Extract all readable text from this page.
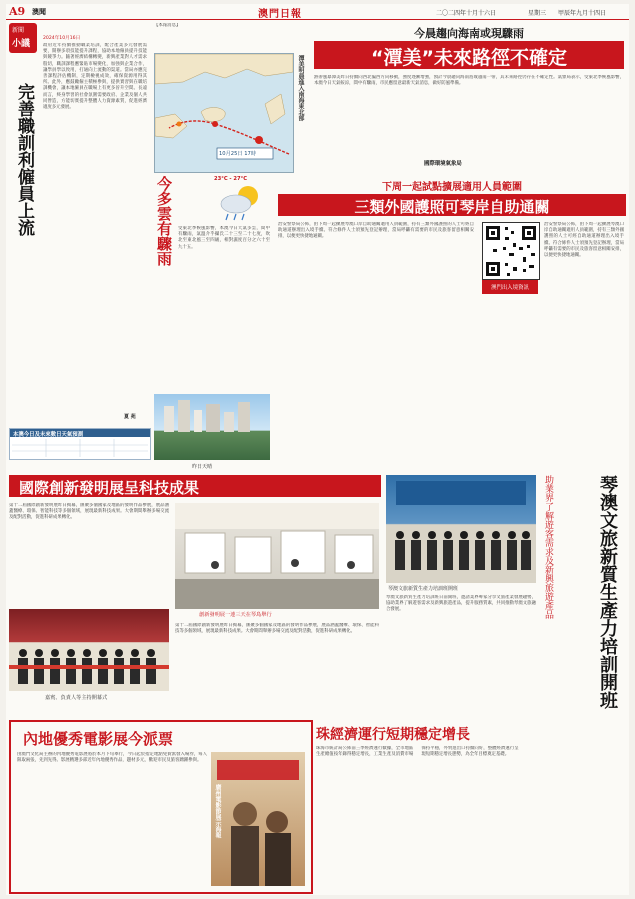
A9 澳聞	澳門日報	二〇二四年十月十六日	星期三 甲辰年九月十四日
新聞
小議
2024年10月16日
完善職訓利僱員上流
政府近年持續推動職業培訓，配合產業多元發展需要，開辦多項技能提升課程，協助本地僱員提升技能與競爭力。隨著經濟結構轉變，新興產業對人才需求殷切，職訓課程應緊貼市場變化，加強與企業合作，讓學員學以致用，打通向上流動的渠道。當局亦應完善課程評估機制，定期檢視成效，確保資源用得其所。此外，應鼓勵僱主積極參與，提供實習與在職培訓機會，讓本地僱員在職場上有更多晉升空間。長遠而言，終身學習的社會氛圍需要政府、企業及個人共同營造，方能切實提升整體人力資源素質，促進經濟適度多元發展。
夏 苑
本澳今日及未來數日天氣預測
【本報消息】
10月25日 17時
潭美明晨進入南海東北部
今晨趨向海南或現驟雨
“潭美”未來路徑不確定
熱帶風暴潭美昨日持續向西北偏西方向移動，強度逐漸增強，預計今晨趨向海南島或越南一帶，其未來路徑仍存在不確定性。氣象局表示，受東北季候風影響，本澳今日天氣較涼，間中有驟雨，市民應留意最新天氣消息，做好防風準備。
國際環境氣象局
今多雲有驟雨	23°C - 27°C
受東北季候風影響，本澳今日天氣多雲，間中有驟雨，氣溫介乎攝氏二十三至二十七度，吹北至東北風三至四級，相對濕度百分之六十至九十五。
昨日天晴
下周一起試點擴展適用人員範圍
三類外國護照可琴岸自助通關
治安警察局公佈，由下周一起擴展琴澳口岸自助通關適用人員範圍，持有三類外國護照的人士可經自助通道辦理出入境手續。符合條件人士須預先登記辦理，當局呼籲有需要的市民及旅客留意相關安排，以便更快捷地通關。
澳門出入境資訊
治安警察局公佈，由下周一起擴展琴澳口岸自助通關適用人員範圍，持有三類外國護照的人士可經自助通道辦理出入境手續。符合條件人士須預先登記辦理，當局呼籲有需要的市民及旅客留意相關安排，以便更快捷地通關。
國際創新發明展呈科技成果
第十二屆國際創新發明展昨日揭幕，匯聚多個國家及地區的發明作品參展，展品涵蓋醫療、環保、智能科技等多個領域，展現最新科技成果。大會期間舉辦多場交流及配對活動，促進科研成果轉化。
創新發明展一連三天在琴島舉行
嘉賓、負責人等主持開幕式
第十二屆國際創新發明展昨日揭幕，匯聚多個國家及地區的發明作品參展，展品涵蓋醫療、環保、智能科技等多個領域，展現最新科技成果。大會期間舉辦多場交流及配對活動，促進科研成果轉化。
琴澳文旅新質生產力培訓班開班	助業界了解遊客需求及新興旅遊產品	琴澳文旅新質生產力培訓開班
琴澳文旅新質生產力培訓班日前開班，邀請業界專家分享文旅產業發展趨勢，協助業界了解遊客需求及新興旅遊產品，提升服務質素，共同推動琴澳文旅融合發展。
內地優秀電影展今派票
由澳門文化局主辦的內地優秀電影展將於本月下旬舉行，今日起於指定地點免費派發入場券，每人限取兩張，先到先得。影展精選多部近年內地優秀作品，題材多元，歡迎市民及旅客踴躍參與。
廣州電影節展示海報
珠經濟運行短期穩定增長
珠海市統計局公佈前三季經濟運行數據，全市地區生產總值按年錄得穩定增長，工業生產及消費市場保持平穩，外貿進出口持續向好，整體經濟運行呈現短期穩定增長態勢，為全年目標奠定基礎。
